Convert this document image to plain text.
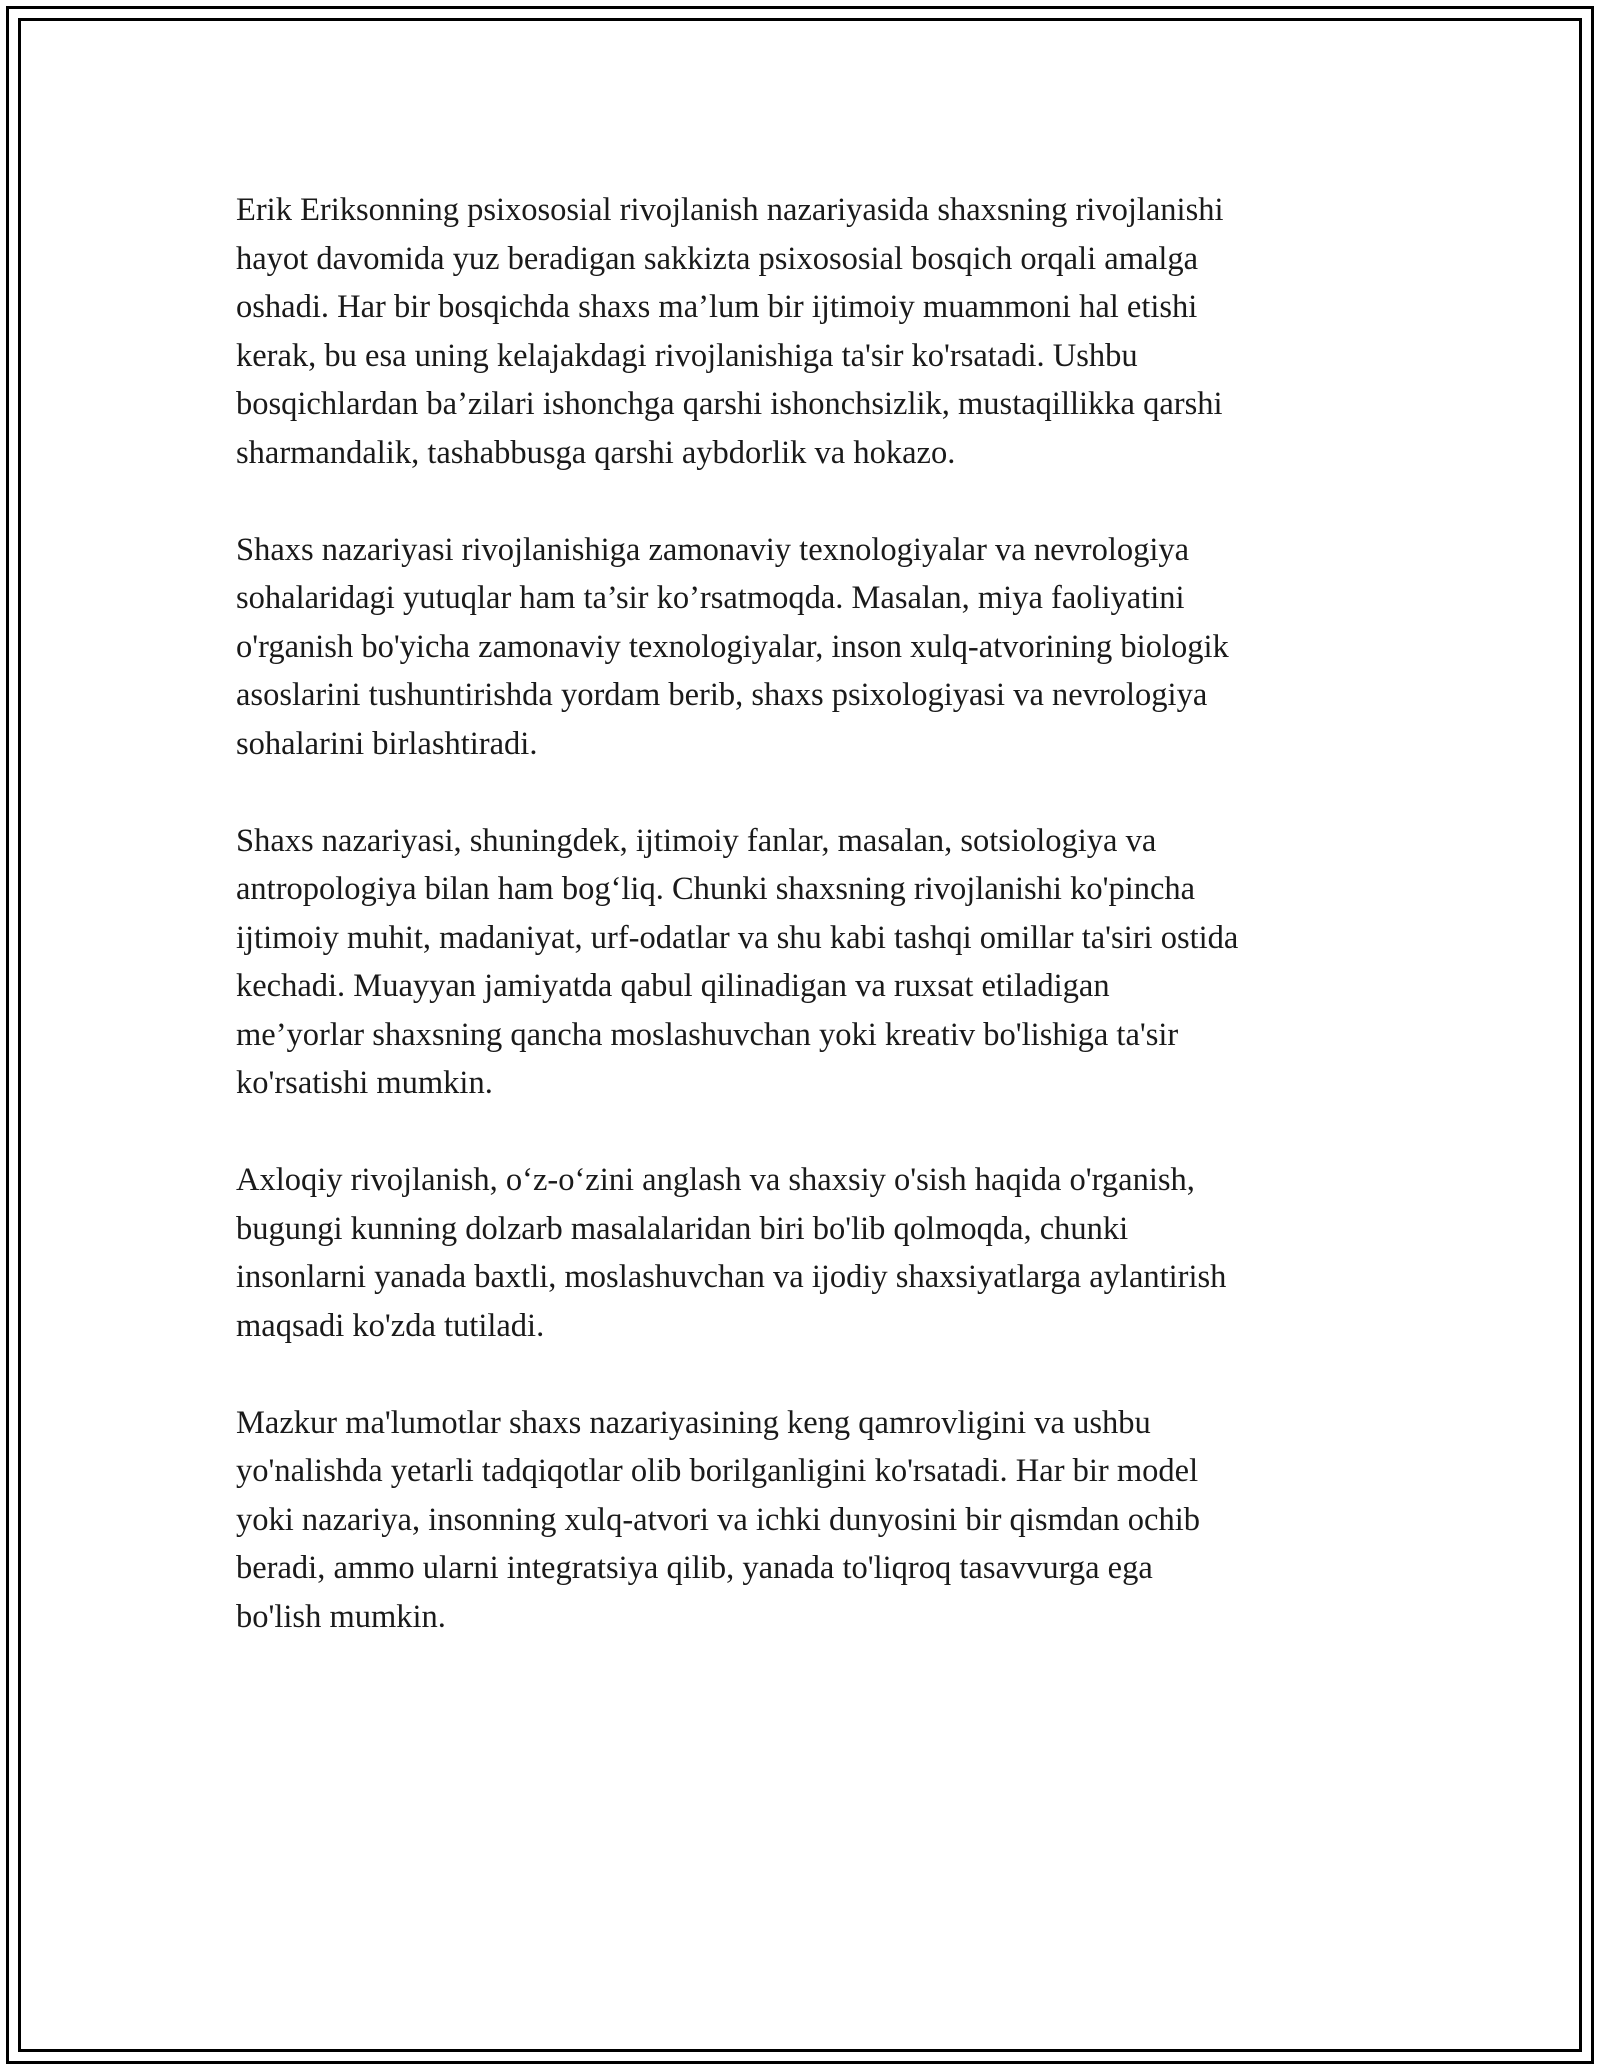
Erik Eriksonning psixososial rivojlanish nazariyasida shaxsning rivojlanishi
hayot davomida yuz beradigan sakkizta psixososial bosqich orqali amalga
oshadi. Har bir bosqichda shaxs ma’lum bir ijtimoiy muammoni hal etishi
kerak, bu esa uning kelajakdagi rivojlanishiga ta'sir ko'rsatadi. Ushbu
bosqichlardan ba’zilari ishonchga qarshi ishonchsizlik, mustaqillikka qarshi
sharmandalik, tashabbusga qarshi aybdorlik va hokazo.

Shaxs nazariyasi rivojlanishiga zamonaviy texnologiyalar va nevrologiya
sohalaridagi yutuqlar ham ta’sir ko’rsatmoqda. Masalan, miya faoliyatini
o'rganish bo'yicha zamonaviy texnologiyalar, inson xulq-atvorining biologik
asoslarini tushuntirishda yordam berib, shaxs psixologiyasi va nevrologiya
sohalarini birlashtiradi.

Shaxs nazariyasi, shuningdek, ijtimoiy fanlar, masalan, sotsiologiya va
antropologiya bilan ham bog‘liq. Chunki shaxsning rivojlanishi ko'pincha
ijtimoiy muhit, madaniyat, urf-odatlar va shu kabi tashqi omillar ta'siri ostida
kechadi. Muayyan jamiyatda qabul qilinadigan va ruxsat etiladigan
me’yorlar shaxsning qancha moslashuvchan yoki kreativ bo'lishiga ta'sir
ko'rsatishi mumkin.

Axloqiy rivojlanish, o‘z-o‘zini anglash va shaxsiy o'sish haqida o'rganish,
bugungi kunning dolzarb masalalaridan biri bo'lib qolmoqda, chunki
insonlarni yanada baxtli, moslashuvchan va ijodiy shaxsiyatlarga aylantirish
maqsadi ko'zda tutiladi.

Mazkur ma'lumotlar shaxs nazariyasining keng qamrovligini va ushbu
yo'nalishda yetarli tadqiqotlar olib borilganligini ko'rsatadi. Har bir model
yoki nazariya, insonning xulq-atvori va ichki dunyosini bir qismdan ochib
beradi, ammo ularni integratsiya qilib, yanada to'liqroq tasavvurga ega
bo'lish mumkin.
